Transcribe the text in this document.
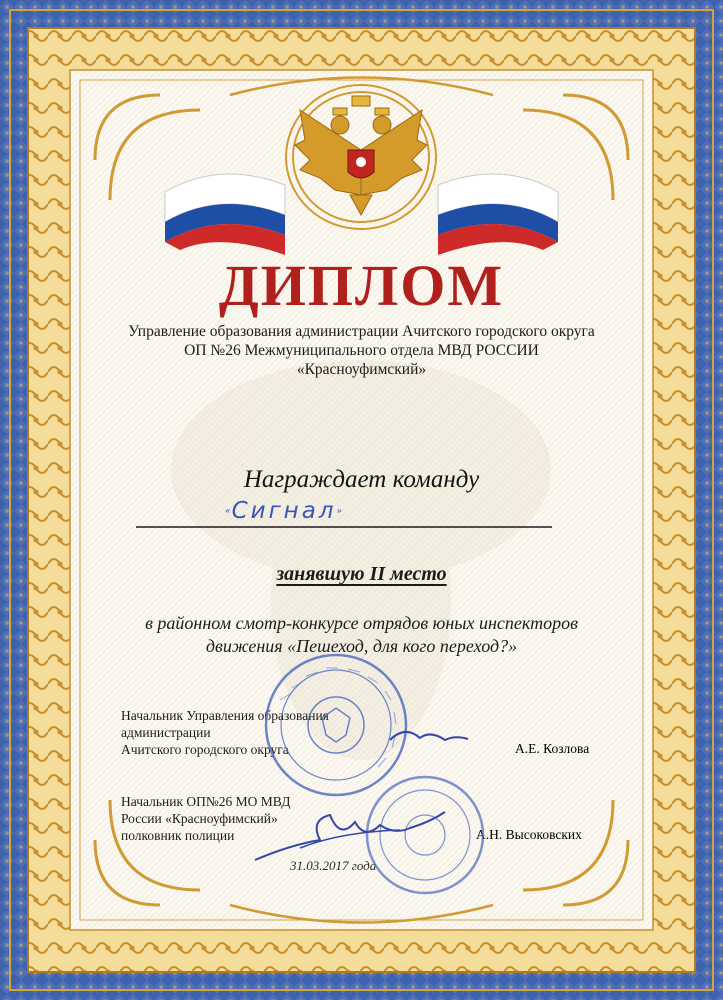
ДИПЛОМ
Управление образования администрации Ачитского городского округа
ОП №26 Межмуниципального отдела МВД РОССИИ
«Красноуфимский»
Награждает команду
«Сигнал»
занявшую II место
в районном смотр-конкурсе отрядов юных инспекторов
движения «Пешеход, для кого переход?»
Начальник Управления образования
администрации
Ачитского городского округа	А.Е. Козлова
Начальник ОП№26 МО МВД
России «Красноуфимский»
полковник полиции	А.Н. Высоковских
31.03.2017 года
